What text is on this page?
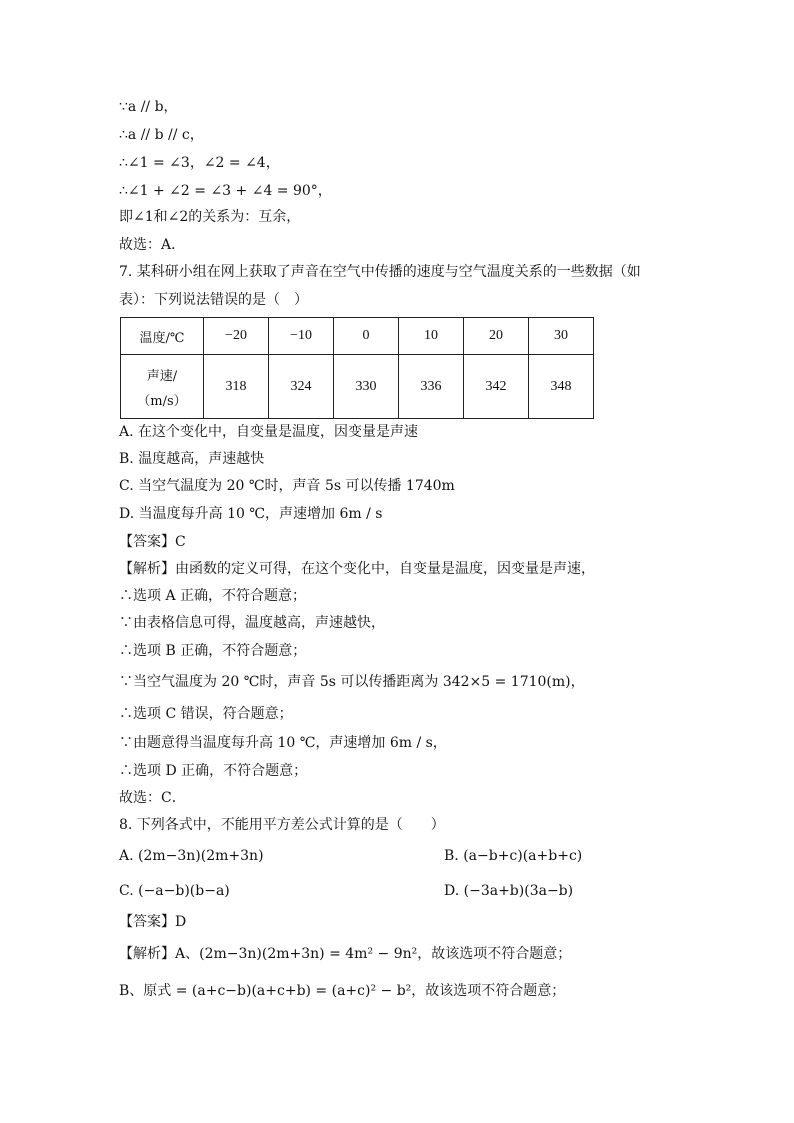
∵a // b，
∴a // b // c，
∴∠1 = ∠3，∠2 = ∠4，
∴∠1 + ∠2 = ∠3 + ∠4 = 90°，
即∠1和∠2的关系为：互余，
故选：A．
7. 某科研小组在网上获取了声音在空气中传播的速度与空气温度关系的一些数据（如
表）：下列说法错误的是（　）
温度/℃	−20	−10	0	10	20	30

声速/
（m/s）	318	324	330	336	342	348
A. 在这个变化中，自变量是温度，因变量是声速
B. 温度越高，声速越快
C. 当空气温度为 20 ℃时，声音 5s 可以传播 1740m
D. 当温度每升高 10 ℃，声速增加 6m / s
【答案】C
【解析】由函数的定义可得，在这个变化中，自变量是温度，因变量是声速，
∴选项 A 正确，不符合题意；
∵由表格信息可得，温度越高，声速越快，
∴选项 B 正确，不符合题意；
∵当空气温度为 20 ℃时，声音 5s 可以传播距离为 342×5 = 1710(m)，
∴选项 C 错误，符合题意；
∵由题意得当温度每升高 10 ℃，声速增加 6m / s，
∴选项 D 正确，不符合题意；
故选：C．
8. 下列各式中，不能用平方差公式计算的是（　　）
A. (2m−3n)(2m+3n)	B. (a−b+c)(a+b+c)
C. (−a−b)(b−a)	D. (−3a+b)(3a−b)
【答案】D
【解析】A、(2m−3n)(2m+3n) = 4m² − 9n²，故该选项不符合题意；
B、原式 = (a+c−b)(a+c+b) = (a+c)² − b²，故该选项不符合题意；
